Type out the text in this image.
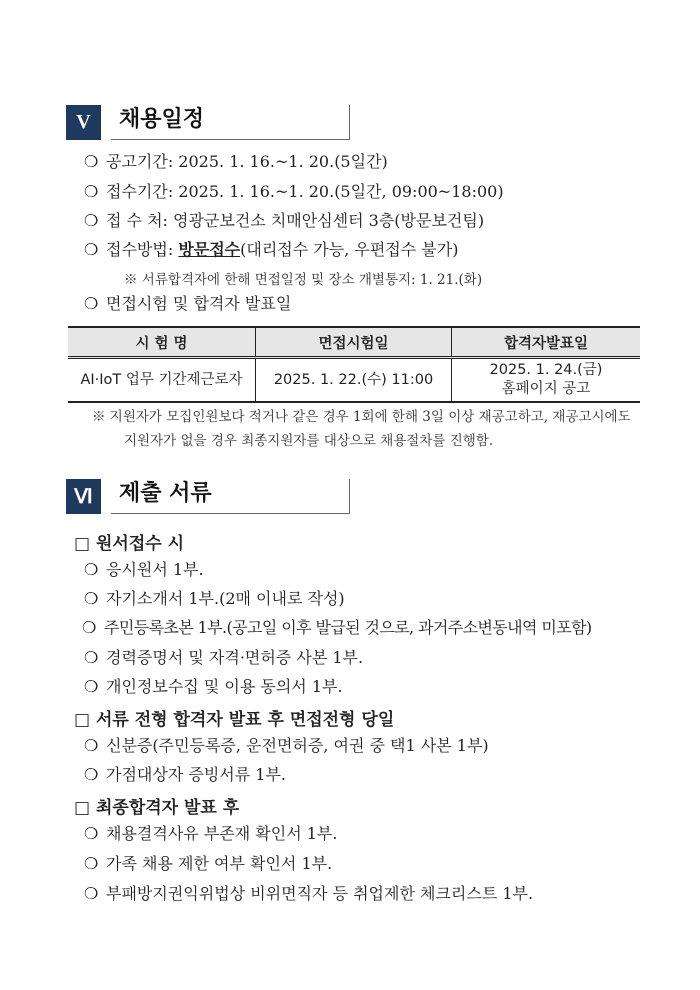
V	채용일정
❍ 공고기간: 2025. 1. 16.~1. 20.(5일간)
❍ 접수기간: 2025. 1. 16.~1. 20.(5일간, 09:00~18:00)
❍ 접 수 처: 영광군보건소 치매안심센터 3층(방문보건팀)
❍ 접수방법: 방문접수(대리접수 가능, 우편접수 불가)
※ 서류합격자에 한해 면접일정 및 장소 개별통지: 1. 21.(화)
❍ 면접시험 및 합격자 발표일
시 험 명	면접시험일	합격자발표일
AI·IoT 업무 기간제근로자	2025. 1. 22.(수) 11:00	2025. 1. 24.(금)
홈페이지 공고
※ 지원자가 모집인원보다 적거나 같은 경우 1회에 한해 3일 이상 재공고하고, 재공고시에도
지원자가 없을 경우 최종지원자를 대상으로 채용절차를 진행함.
Ⅵ	제출 서류
□ 원서접수 시
❍ 응시원서 1부.
❍ 자기소개서 1부.(2매 이내로 작성)
❍ 주민등록초본 1부.(공고일 이후 발급된 것으로, 과거주소변동내역 미포함)
❍ 경력증명서 및 자격·면허증 사본 1부.
❍ 개인정보수집 및 이용 동의서 1부.
□ 서류 전형 합격자 발표 후 면접전형 당일
❍ 신분증(주민등록증, 운전면허증, 여권 중 택1 사본 1부)
❍ 가점대상자 증빙서류 1부.
□ 최종합격자 발표 후
❍ 채용결격사유 부존재 확인서 1부.
❍ 가족 채용 제한 여부 확인서 1부.
❍ 부패방지권익위법상 비위면직자 등 취업제한 체크리스트 1부.
